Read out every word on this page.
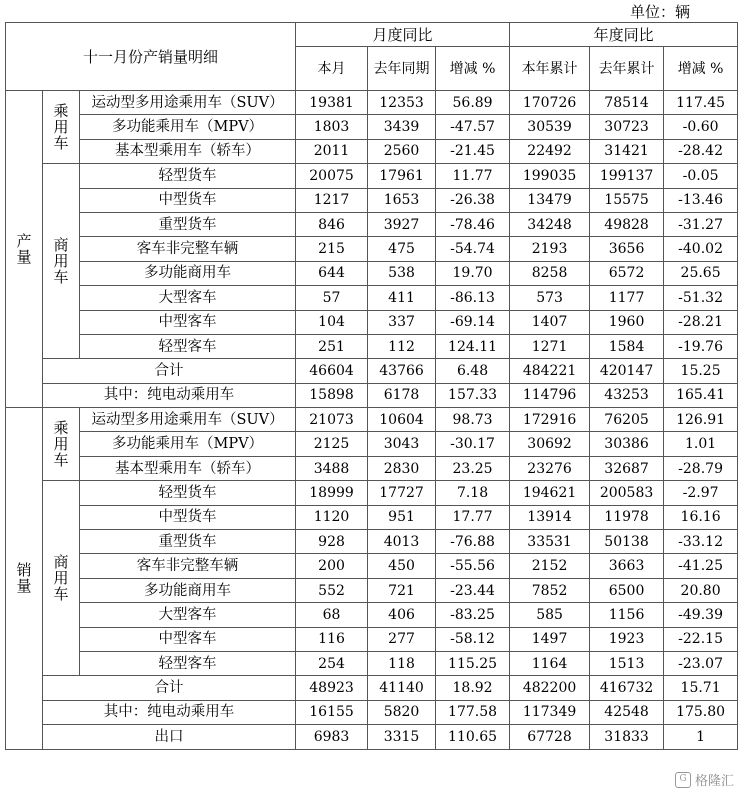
单位：辆
十一月份产销量明细			月度同比			年度同比		
			本月	去年同期	增减 %	本年累计	去年累计	增减 %
产
量	乘
用
车	运动型多用途乘用车（SUV）	19381	12353	56.89	170726	78514	117.45
		多功能乘用车（MPV）	1803	3439	-47.57	30539	30723	-0.60
		基本型乘用车（轿车）	2011	2560	-21.45	22492	31421	-28.42
	商
用
车	轻型货车	20075	17961	11.77	199035	199137	-0.05
		中型货车	1217	1653	-26.38	13479	15575	-13.46
		重型货车	846	3927	-78.46	34248	49828	-31.27
		客车非完整车辆	215	475	-54.74	2193	3656	-40.02
		多功能商用车	644	538	19.70	8258	6572	25.65
		大型客车	57	411	-86.13	573	1177	-51.32
		中型客车	104	337	-69.14	1407	1960	-28.21
		轻型客车	251	112	124.11	1271	1584	-19.76
	合计		46604	43766	6.48	484221	420147	15.25
	其中：纯电动乘用车		15898	6178	157.33	114796	43253	165.41
销
量	乘
用
车	运动型多用途乘用车（SUV）	21073	10604	98.73	172916	76205	126.91
		多功能乘用车（MPV）	2125	3043	-30.17	30692	30386	1.01
		基本型乘用车（轿车）	3488	2830	23.25	23276	32687	-28.79
	商
用
车	轻型货车	18999	17727	7.18	194621	200583	-2.97
		中型货车	1120	951	17.77	13914	11978	16.16
		重型货车	928	4013	-76.88	33531	50138	-33.12
		客车非完整车辆	200	450	-55.56	2152	3663	-41.25
		多功能商用车	552	721	-23.44	7852	6500	20.80
		大型客车	68	406	-83.25	585	1156	-49.39
		中型客车	116	277	-58.12	1497	1923	-22.15
		轻型客车	254	118	115.25	1164	1513	-23.07
	合计		48923	41140	18.92	482200	416732	15.71
	其中：纯电动乘用车		16155	5820	177.58	117349	42548	175.80
	出口		6983	3315	110.65	67728	31833	1
G 格隆汇
